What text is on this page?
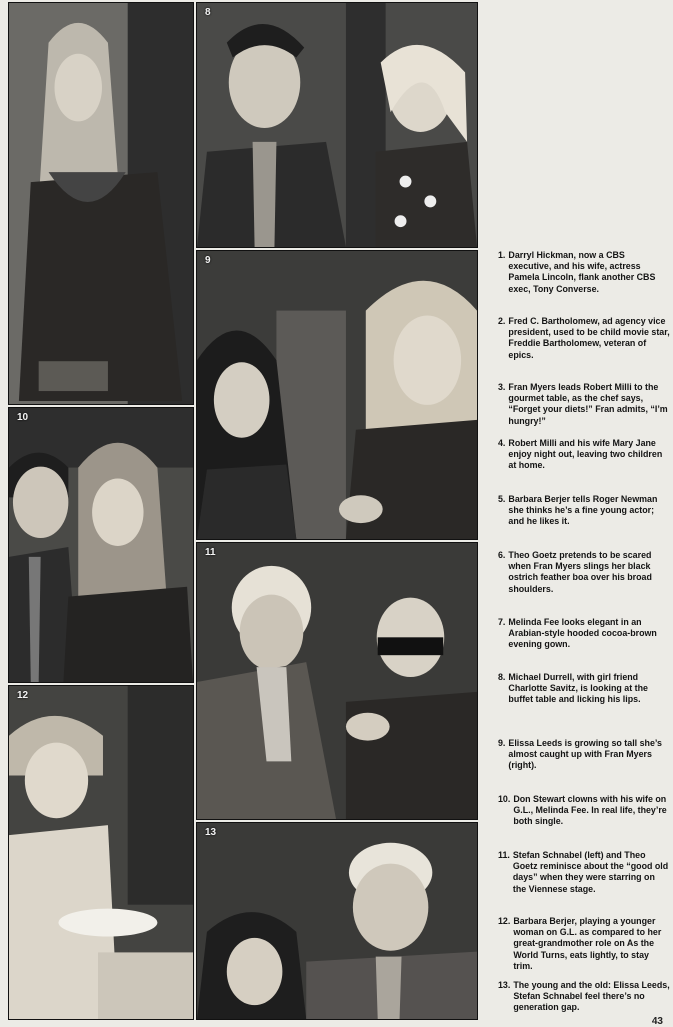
8
9
10
11
12
13
1. Darryl Hickman, now a CBS executive, and his wife, actress Pamela Lincoln, flank another CBS exec, Tony Converse.
2. Fred C. Bartholomew, ad agency vice president, used to be child movie star, Freddie Bartholomew, veteran of epics.
3. Fran Myers leads Robert Milli to the gourmet table, as the chef says, “Forget your diets!” Fran admits, “I’m hungry!”
4. Robert Milli and his wife Mary Jane enjoy night out, leaving two children at home.
5. Barbara Berjer tells Roger Newman she thinks he’s a fine young actor; and he likes it.
6. Theo Goetz pretends to be scared when Fran Myers slings her black ostrich feather boa over his broad shoulders.
7. Melinda Fee looks elegant in an Arabian-style hooded cocoa-brown evening gown.
8. Michael Durrell, with girl friend Charlotte Savitz, is looking at the buffet table and licking his lips.
9. Elissa Leeds is growing so tall she’s almost caught up with Fran Myers (right).
10. Don Stewart clowns with his wife on G.L., Melinda Fee. In real life, they’re both single.
11. Stefan Schnabel (left) and Theo Goetz reminisce about the “good old days” when they were starring on the Viennese stage.
12. Barbara Berjer, playing a younger woman on G.L. as compared to her great-grandmother role on As the World Turns, eats lightly, to stay trim.
13. The young and the old: Elissa Leeds, Stefan Schnabel feel there’s no generation gap.
43
